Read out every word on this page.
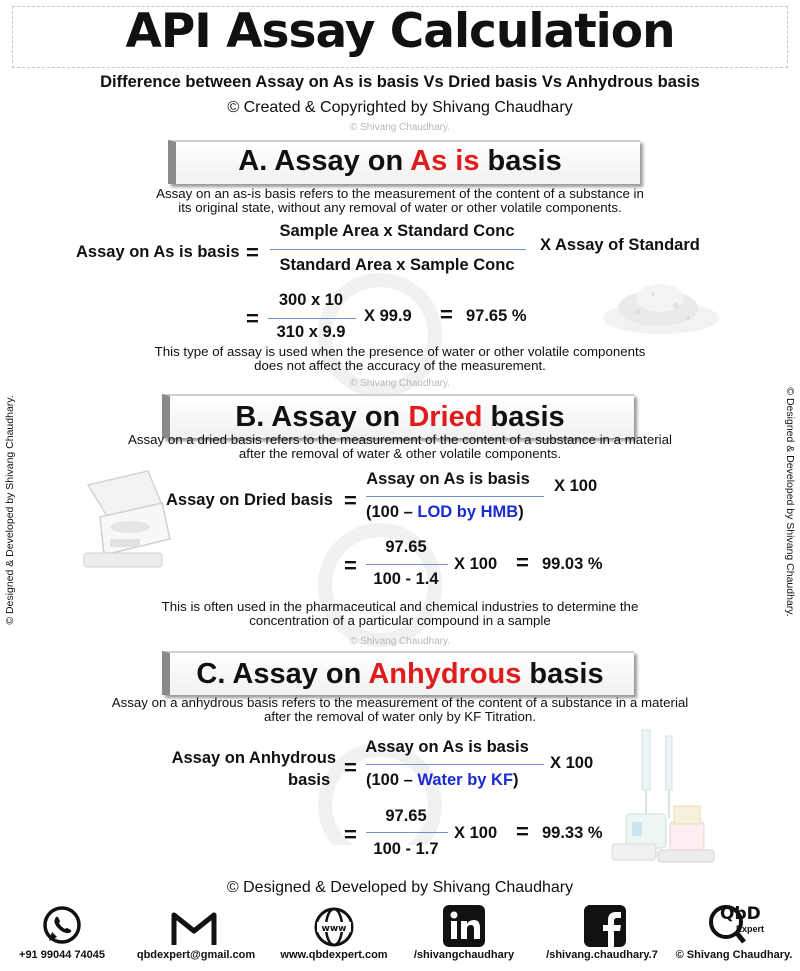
API Assay Calculation
Difference between Assay on As is basis Vs Dried basis Vs Anhydrous basis
© Created & Copyrighted by Shivang Chaudhary
© Shivang Chaudhary.
© Designed & Developed by Shivang Chaudhary.	© Designed & Developed by Shivang Chaudhary.
A. Assay on As is basis
Assay on an as-is basis refers to the measurement of the content of a substance in
its original state, without any removal of water or other volatile components.
Assay on As is basis =
Sample Area x Standard Conc
Standard Area x Sample Conc
X Assay of Standard
=
300 x 10
310 x 9.9
X 99.9 = 97.65 %
This type of assay is used when the presence of water or other volatile components
does not affect the accuracy of the measurement.
© Shivang Chaudhary.
B. Assay on Dried basis
Assay on a dried basis refers to the measurement of the content of a substance in a material
after the removal of water & other volatile components.
Assay on Dried basis =
Assay on As is basis
(100 – LOD by HMB)
X 100
=
97.65
100 - 1.4
X 100 = 99.03 %
This is often used in the pharmaceutical and chemical industries to determine the
concentration of a particular compound in a sample
© Shivang Chaudhary.
C. Assay on Anhydrous basis
Assay on a anhydrous basis refers to the measurement of the content of a substance in a material
after the removal of water only by KF Titration.
Assay on Anhydrous
basis =
Assay on As is basis
(100 – Water by KF)
X 100
=
97.65
100 - 1.7
X 100 = 99.33 %
© Designed & Developed by Shivang Chaudhary
www
QbD
Expert
+91 99044 74045	qbdexpert@gmail.com	www.qbdexpert.com	/shivangchaudhary	/shivang.chaudhary.7	© Shivang Chaudhary.
